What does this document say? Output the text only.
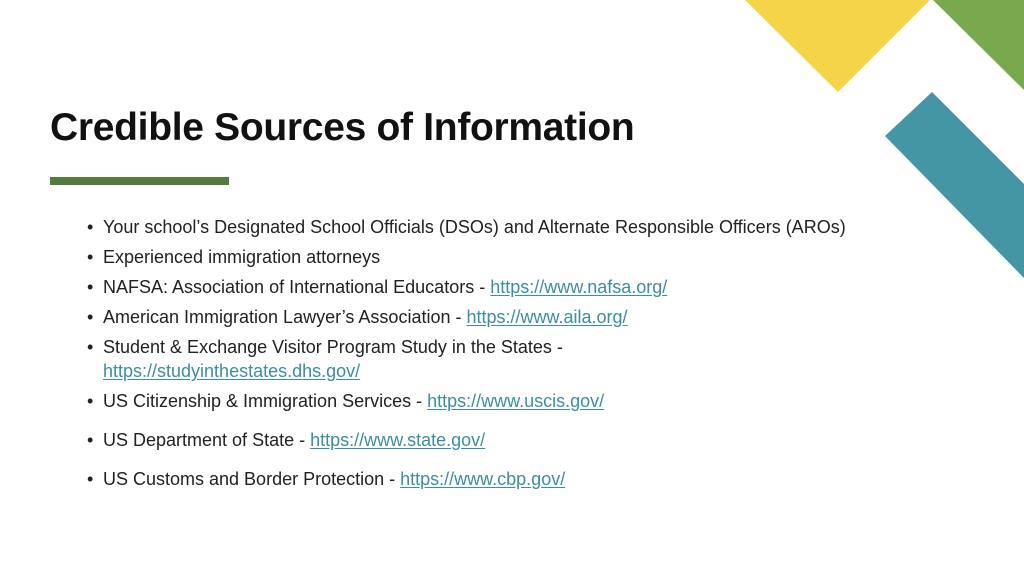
Credible Sources of Information
• Your school’s Designated School Officials (DSOs) and Alternate Responsible Officers (AROs)
• Experienced immigration attorneys
• NAFSA: Association of International Educators - https://www.nafsa.org/
• American Immigration Lawyer’s Association - https://www.aila.org/
• Student & Exchange Visitor Program Study in the States -
https://studyinthestates.dhs.gov/
• US Citizenship & Immigration Services - https://www.uscis.gov/
• US Department of State - https://www.state.gov/
• US Customs and Border Protection - https://www.cbp.gov/
